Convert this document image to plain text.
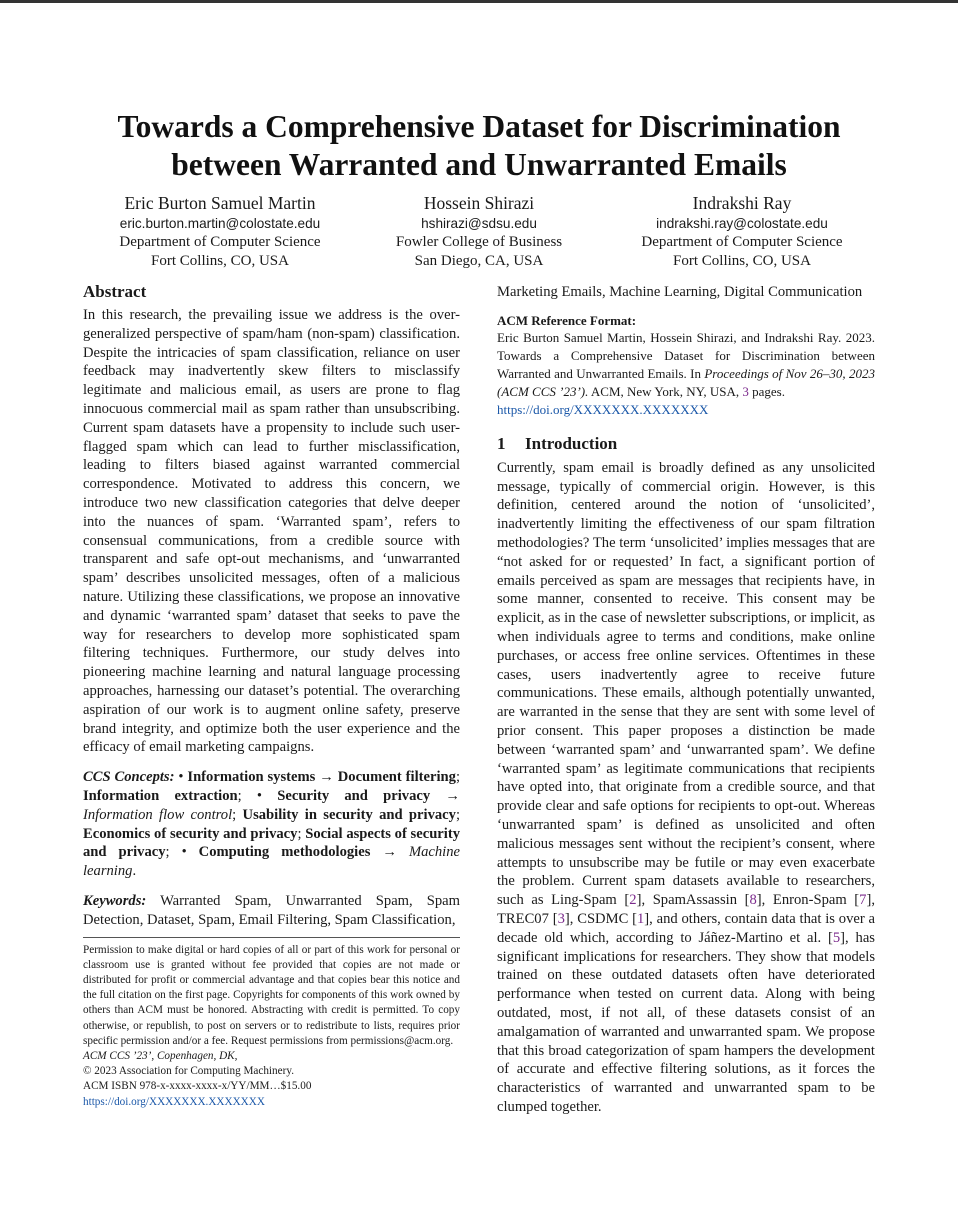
Towards a Comprehensive Dataset for Discrimination between Warranted and Unwarranted Emails
Eric Burton Samuel Martin
eric.burton.martin@colostate.edu
Department of Computer Science
Fort Collins, CO, USA
Hossein Shirazi
hshirazi@sdsu.edu
Fowler College of Business
San Diego, CA, USA
Indrakshi Ray
indrakshi.ray@colostate.edu
Department of Computer Science
Fort Collins, CO, USA
Abstract

In this research, the prevailing issue we address is the over-generalized perspective of spam/ham (non-spam) classification. Despite the intricacies of spam classification, reliance on user feedback may inadvertently skew filters to misclassify legitimate and malicious email, as users are prone to flag innocuous commercial mail as spam rather than unsubscribing. Current spam datasets have a propensity to include such user-flagged spam which can lead to further misclassification, leading to filters biased against warranted commercial correspondence. Motivated to address this concern, we introduce two new classification categories that delve deeper into the nuances of spam. ‘Warranted spam’, refers to consensual communications, from a credible source with transparent and safe opt-out mechanisms, and ‘unwarranted spam’ describes unsolicited messages, often of a malicious nature. Utilizing these classifications, we propose an innovative and dynamic ‘warranted spam’ dataset that seeks to pave the way for researchers to develop more sophisticated spam filtering techniques. Furthermore, our study delves into pioneering machine learning and natural language processing approaches, harnessing our dataset’s potential. The overarching aspiration of our work is to augment online safety, preserve brand integrity, and optimize both the user experience and the efficacy of email marketing campaigns.

CCS Concepts: • Information systems → Document filtering; Information extraction; • Security and privacy → Information flow control; Usability in security and privacy; Economics of security and privacy; Social aspects of security and privacy; • Computing methodologies → Machine learning.

Keywords: Warranted Spam, Unwarranted Spam, Spam Detection, Dataset, Spam, Email Filtering, Spam Classification,

Permission to make digital or hard copies of all or part of this work for personal or classroom use is granted without fee provided that copies are not made or distributed for profit or commercial advantage and that copies bear this notice and the full citation on the first page. Copyrights for components of this work owned by others than ACM must be honored. Abstracting with credit is permitted. To copy otherwise, or republish, to post on servers or to redistribute to lists, requires prior specific permission and/or a fee. Request permissions from permissions@acm.org.

ACM CCS ’23’, Copenhagen, DK,
© 2023 Association for Computing Machinery.
ACM ISBN 978-x-xxxx-xxxx-x/YY/MM…$15.00
https://doi.org/XXXXXXX.XXXXXXX

Marketing Emails, Machine Learning, Digital Communication

ACM Reference Format:
Eric Burton Samuel Martin, Hossein Shirazi, and Indrakshi Ray. 2023. Towards a Comprehensive Dataset for Discrimination between Warranted and Unwarranted Emails. In Proceedings of Nov 26–30, 2023 (ACM CCS ’23’). ACM, New York, NY, USA, 3 pages.
https://doi.org/XXXXXXX.XXXXXXX
1 Introduction

Currently, spam email is broadly defined as any unsolicited message, typically of commercial origin. However, is this definition, centered around the notion of ‘unsolicited’, inadvertently limiting the effectiveness of our spam filtration methodologies? The term ‘unsolicited’ implies messages that are “not asked for or requested’ In fact, a significant portion of emails perceived as spam are messages that recipients have, in some manner, consented to receive. This consent may be explicit, as in the case of newsletter subscriptions, or implicit, as when individuals agree to terms and conditions, make online purchases, or access free online services. Oftentimes in these cases, users inadvertently agree to receive future communications. These emails, although potentially unwanted, are warranted in the sense that they are sent with some level of prior consent. This paper proposes a distinction be made between ‘warranted spam’ and ‘unwarranted spam’. We define ‘warranted spam’ as legitimate communications that recipients have opted into, that originate from a credible source, and that provide clear and safe options for recipients to opt-out. Whereas ‘unwarranted spam’ is defined as unsolicited and often malicious messages sent without the recipient’s consent, where attempts to unsubscribe may be futile or may even exacerbate the problem. Current spam datasets available to researchers, such as Ling-Spam [2], SpamAssassin [8], Enron-Spam [7], TREC07 [3], CSDMC [1], and others, contain data that is over a decade old which, according to Jáñez-Martino et al. [5], has significant implications for researchers. They show that models trained on these outdated datasets often have deteriorated performance when tested on current data. Along with being outdated, most, if not all, of these datasets consist of an amalgamation of warranted and unwarranted spam. We propose that this broad categorization of spam hampers the development of accurate and effective filtering solutions, as it forces the characteristics of warranted and unwarranted spam to be clumped together.
